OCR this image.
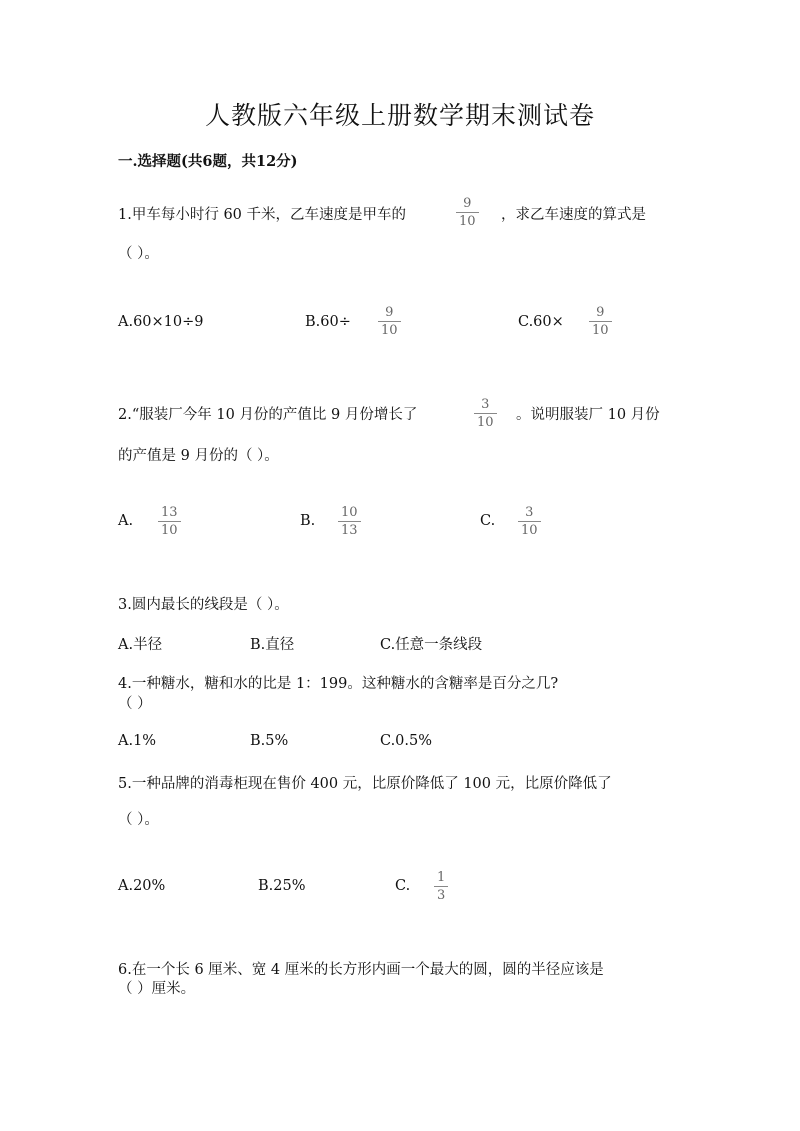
人教版六年级上册数学期末测试卷
一.选择题(共6题，共12分)
1.甲车每小时行 60 千米，乙车速度是甲车的
9
10 ，求乙车速度的算式是
（ ）。
A.60×10÷9	B.60÷
9
10
C.60×
9
10
2.“服装厂今年 10 月份的产值比 9 月份增长了
3
10 。说明服装厂 10 月份
的产值是 9 月份的（ ）。
A.
13
10
B.
10
13
C.
3
10
3.圆内最长的线段是（ ）。
A.半径	B.直径	C.任意一条线段
4.一种糖水，糖和水的比是 1：199。这种糖水的含糖率是百分之几?
（ ）
A.1%	B.5%	C.0.5%
5.一种品牌的消毒柜现在售价 400 元，比原价降低了 100 元，比原价降低了
（ ）。
A.20%	B.25%	C.
1
3
6.在一个长 6 厘米、宽 4 厘米的长方形内画一个最大的圆，圆的半径应该是
（ ）厘米。
